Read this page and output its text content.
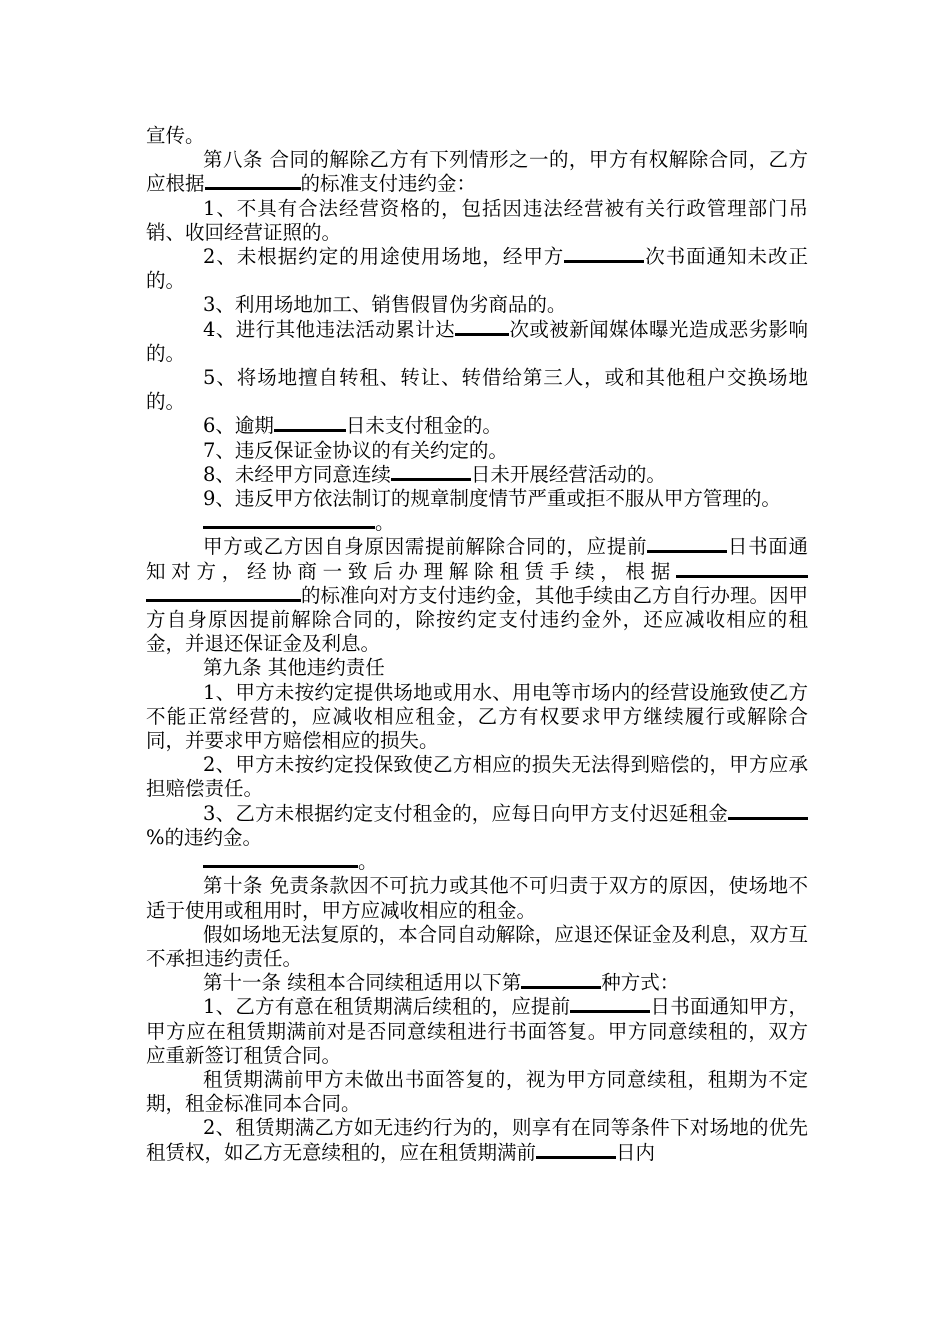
宣传。

第八条 合同的解除乙方有下列情形之一的，甲方有权解除合同，乙方应根据	的标准支付违约金：

1、不具有合法经营资格的，包括因违法经营被有关行政管理部门吊销、收回经营证照的。

2、未根据约定的用途使用场地，经甲方	次书面通知未改正的。

3、利用场地加工、销售假冒伪劣商品的。

4、进行其他违法活动累计达	次或被新闻媒体曝光造成恶劣影响的。

5、将场地擅自转租、转让、转借给第三人，或和其他租户交换场地的。

6、逾期	日未支付租金的。

7、违反保证金协议的有关约定的。

8、未经甲方同意连续	日未开展经营活动的。

9、违反甲方依法制订的规章制度情节严重或拒不服从甲方管理的。

。

甲方或乙方因自身原因需提前解除合同的，应提前	日书面通知对方，经协商一致后办理解除租赁手续，根据的标准向对方支付违约金，其他手续由乙方自行办理。因甲方自身原因提前解除合同的，除按约定支付违约金外，还应减收相应的租金，并退还保证金及利息。

第九条 其他违约责任

1、甲方未按约定提供场地或用水、用电等市场内的经营设施致使乙方不能正常经营的，应减收相应租金，乙方有权要求甲方继续履行或解除合同，并要求甲方赔偿相应的损失。

2、甲方未按约定投保致使乙方相应的损失无法得到赔偿的，甲方应承担赔偿责任。

3、乙方未根据约定支付租金的，应每日向甲方支付迟延租金%的违约金。

。

第十条 免责条款因不可抗力或其他不可归责于双方的原因，使场地不适于使用或租用时，甲方应减收相应的租金。

假如场地无法复原的，本合同自动解除，应退还保证金及利息，双方互不承担违约责任。

第十一条 续租本合同续租适用以下第	种方式：

1、乙方有意在租赁期满后续租的，应提前	日书面通知甲方，甲方应在租赁期满前对是否同意续租进行书面答复。甲方同意续租的，双方应重新签订租赁合同。

租赁期满前甲方未做出书面答复的，视为甲方同意续租，租期为不定期，租金标准同本合同。

2、租赁期满乙方如无违约行为的，则享有在同等条件下对场地的优先租赁权，如乙方无意续租的，应在租赁期满前	日内
